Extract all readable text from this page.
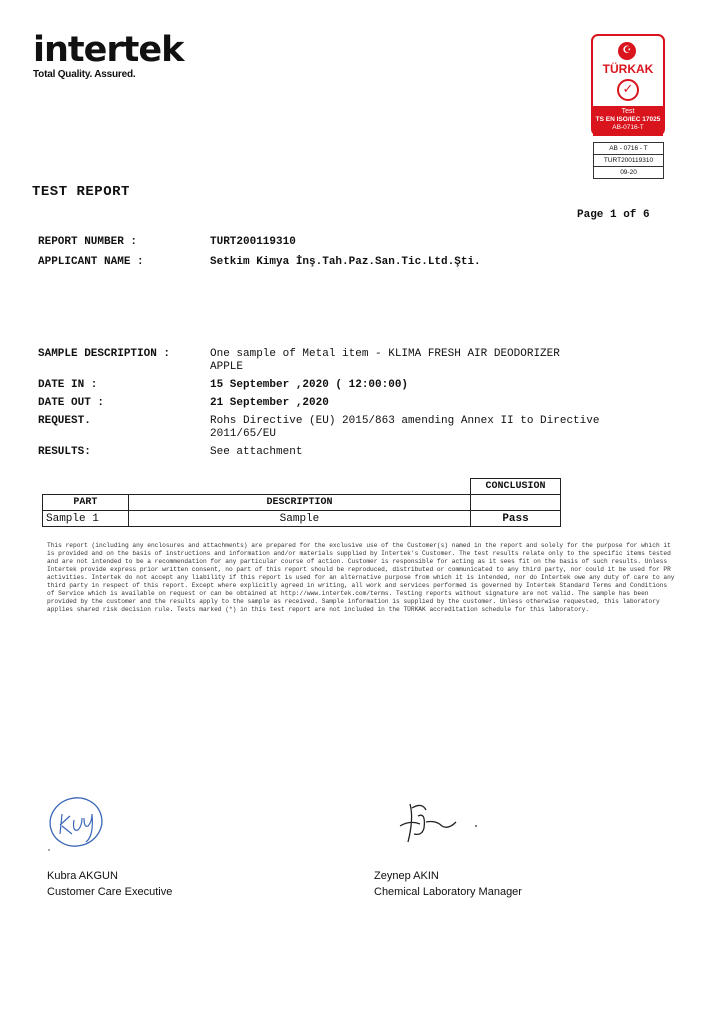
intertek
Total Quality. Assured.
☪
TÜRKAK
✓
Test
TS EN ISO/IEC 17025
AB-0716-T
AB - 0716 - T
TURT200119310
09-20
TEST REPORT
Page 1 of 6
REPORT NUMBER :	TURT200119310
APPLICANT NAME :	Setkim Kimya İnş.Tah.Paz.San.Tic.Ltd.Şti.
SAMPLE DESCRIPTION :	One sample of Metal item - KLIMA FRESH AIR DEODORIZER
APPLE
DATE IN :	15 September ,2020 ( 12:00:00)
DATE OUT :	21 September ,2020
REQUEST.	Rohs Directive (EU) 2015/863 amending Annex II to Directive
2011/65/EU
RESULTS:	See attachment
		CONCLUSION
PART	DESCRIPTION	
Sample 1	Sample	Pass
This report (including any enclosures and attachments) are prepared for the exclusive use of the Customer(s) named in the report and solely for the purpose for which it is provided and on the basis of instructions and information and/or materials supplied by Intertek's Customer. The test results relate only to the specific items tested and are not intended to be a recommendation for any particular course of action. Customer is responsible for acting as it sees fit on the basis of such results. Unless Intertek provide express prior written consent, no part of this report should be reproduced, distributed or communicated to any third party, nor could it be used for PR activities. Intertek do not accept any liability if this report is used for an alternative purpose from which it is intended, nor do Intertek owe any duty of care to any third party in respect of this report. Except where explicitly agreed in writing, all work and services performed is governed by Intertek Standard Terms and Conditions of Service which is available on request or can be obtained at http://www.intertek.com/terms. Testing reports without signature are not valid. The sample has been provided by the customer and the results apply to the sample as received. Sample information is supplied by the customer. Unless otherwise requested, this laboratory applies shared risk decision rule. Tests marked (*) in this test report are not included in the TÜRKAK accreditation schedule for this laboratory.
Kubra AKGUN
Customer Care Executive
Zeynep AKIN
Chemical Laboratory Manager
